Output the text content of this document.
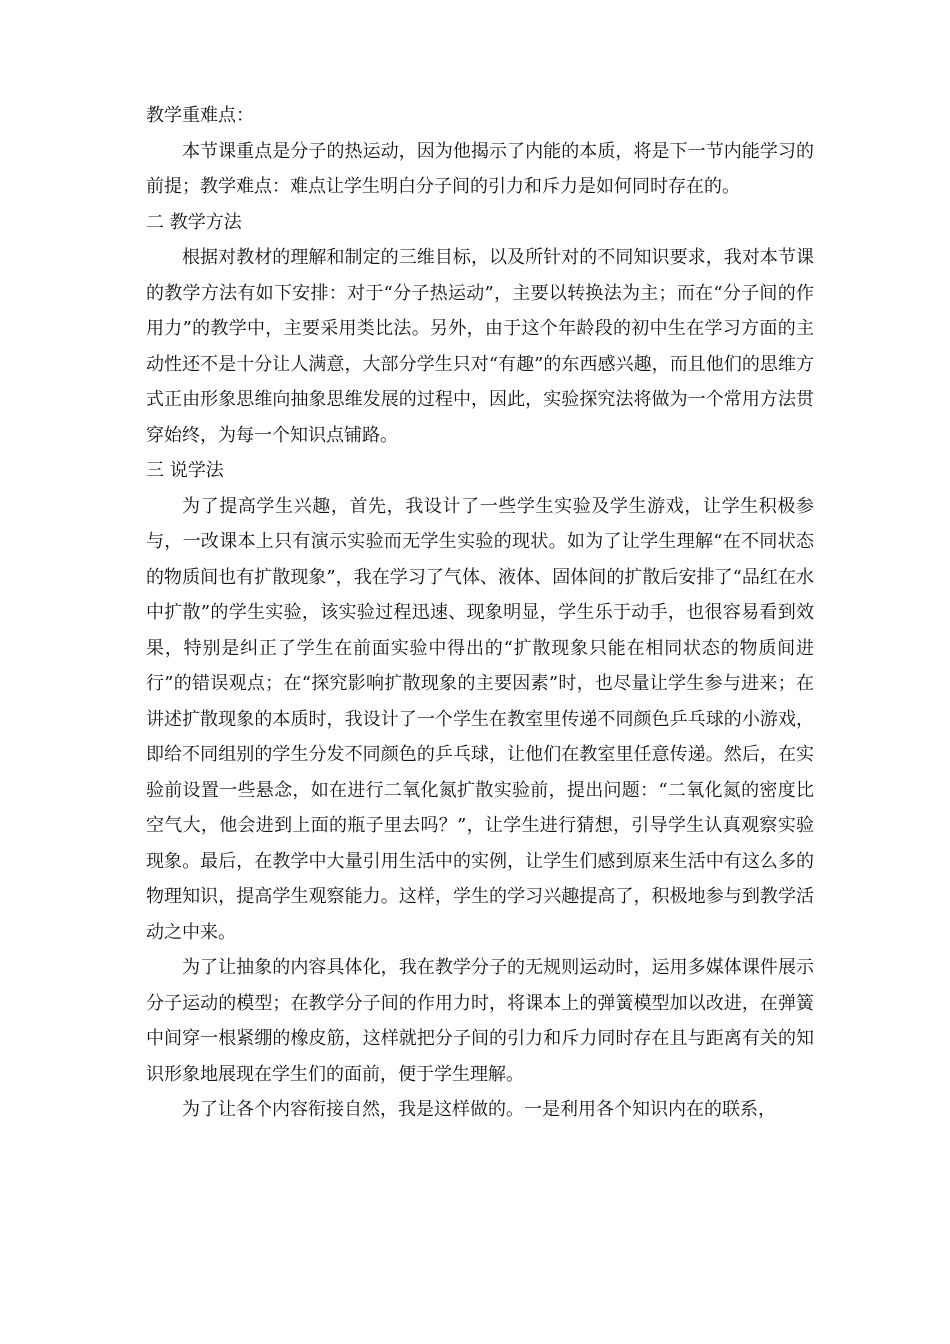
教学重难点：

本节课重点是分子的热运动，因为他揭示了内能的本质，将是下一节内能学习的前提；教学难点：难点让学生明白分子间的引力和斥力是如何同时存在的。

二 教学方法

根据对教材的理解和制定的三维目标，以及所针对的不同知识要求，我对本节课的教学方法有如下安排：对于“分子热运动”，主要以转换法为主；而在“分子间的作用力”的教学中，主要采用类比法。另外，由于这个年龄段的初中生在学习方面的主动性还不是十分让人满意，大部分学生只对“有趣”的东西感兴趣，而且他们的思维方式正由形象思维向抽象思维发展的过程中，因此，实验探究法将做为一个常用方法贯穿始终，为每一个知识点铺路。

三 说学法

为了提高学生兴趣，首先，我设计了一些学生实验及学生游戏，让学生积极参与，一改课本上只有演示实验而无学生实验的现状。如为了让学生理解“在不同状态的物质间也有扩散现象”，我在学习了气体、液体、固体间的扩散后安排了“品红在水中扩散”的学生实验，该实验过程迅速、现象明显，学生乐于动手，也很容易看到效果，特别是纠正了学生在前面实验中得出的“扩散现象只能在相同状态的物质间进行”的错误观点；在“探究影响扩散现象的主要因素”时，也尽量让学生参与进来；在讲述扩散现象的本质时，我设计了一个学生在教室里传递不同颜色乒乓球的小游戏，即给不同组别的学生分发不同颜色的乒乓球，让他们在教室里任意传递。然后，在实验前设置一些悬念，如在进行二氧化氮扩散实验前，提出问题：“二氧化氮的密度比空气大，他会进到上面的瓶子里去吗？”，让学生进行猜想，引导学生认真观察实验现象。最后，在教学中大量引用生活中的实例，让学生们感到原来生活中有这么多的物理知识，提高学生观察能力。这样，学生的学习兴趣提高了，积极地参与到教学活动之中来。

为了让抽象的内容具体化，我在教学分子的无规则运动时，运用多媒体课件展示分子运动的模型；在教学分子间的作用力时，将课本上的弹簧模型加以改进，在弹簧中间穿一根紧绷的橡皮筋，这样就把分子间的引力和斥力同时存在且与距离有关的知识形象地展现在学生们的面前，便于学生理解。

为了让各个内容衔接自然，我是这样做的。一是利用各个知识内在的联系，
